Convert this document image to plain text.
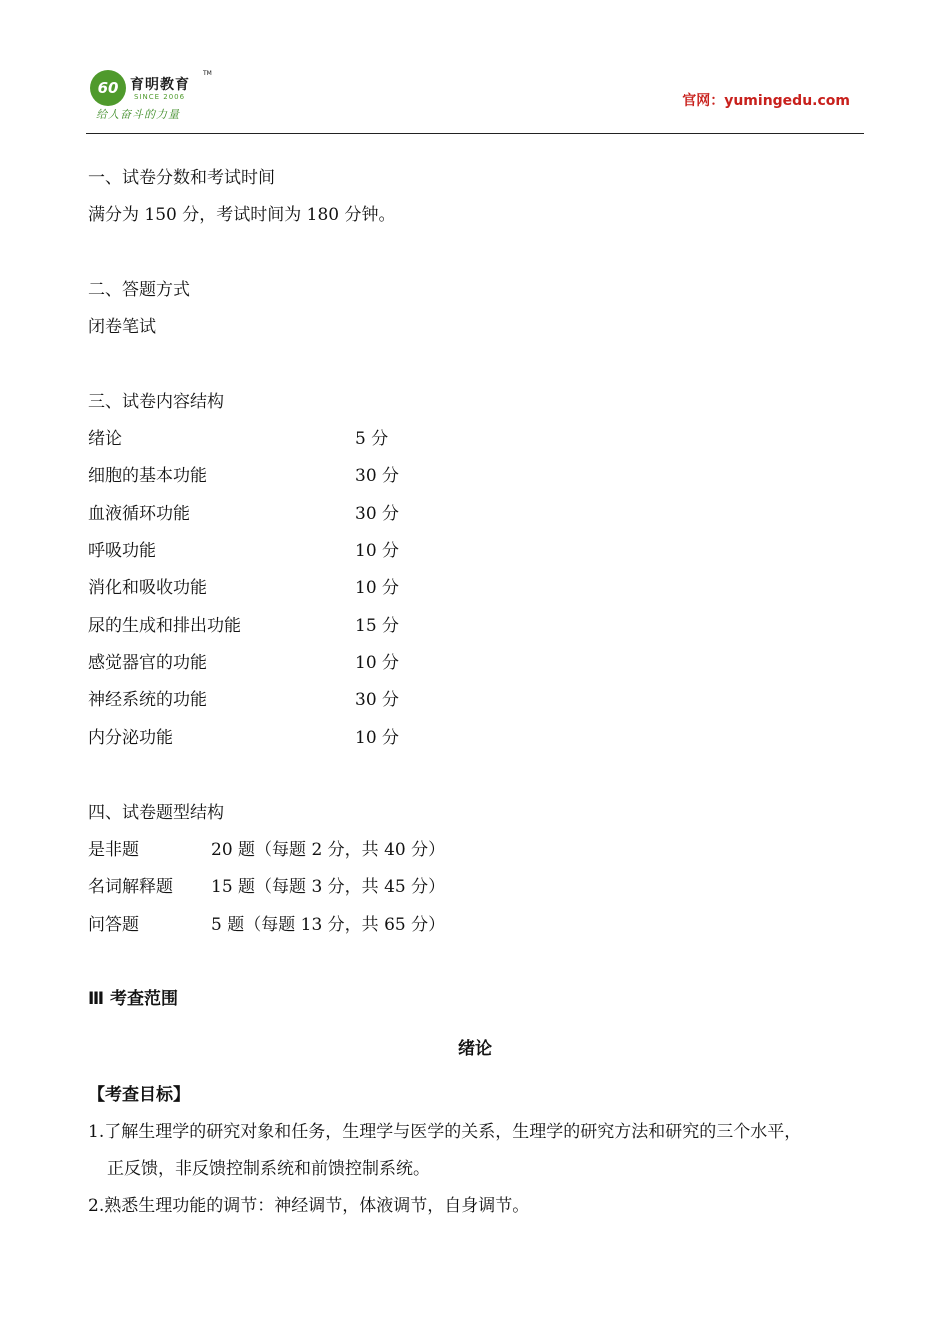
60 育明教育
TM
SINCE 2006
给人奋斗的力量
官网：yumingedu.com
一、试卷分数和考试时间
满分为 150 分，考试时间为 180 分钟。
二、答题方式
闭卷笔试
三、试卷内容结构
绪论	5 分
细胞的基本功能	30 分
血液循环功能	30 分
呼吸功能	10 分
消化和吸收功能	10 分
尿的生成和排出功能	15 分
感觉器官的功能	10 分
神经系统的功能	30 分
内分泌功能	10 分
四、试卷题型结构
是非题	20 题（每题 2 分，共 40 分）
名词解释题 15 题（每题 3 分，共 45 分）
问答题	5 题（每题 13 分，共 65 分）
Ⅲ 考查范围
绪论
【考查目标】
1.了解生理学的研究对象和任务，生理学与医学的关系，生理学的研究方法和研究的三个水平，
正反馈，非反馈控制系统和前馈控制系统。
2.熟悉生理功能的调节：神经调节，体液调节，自身调节。
